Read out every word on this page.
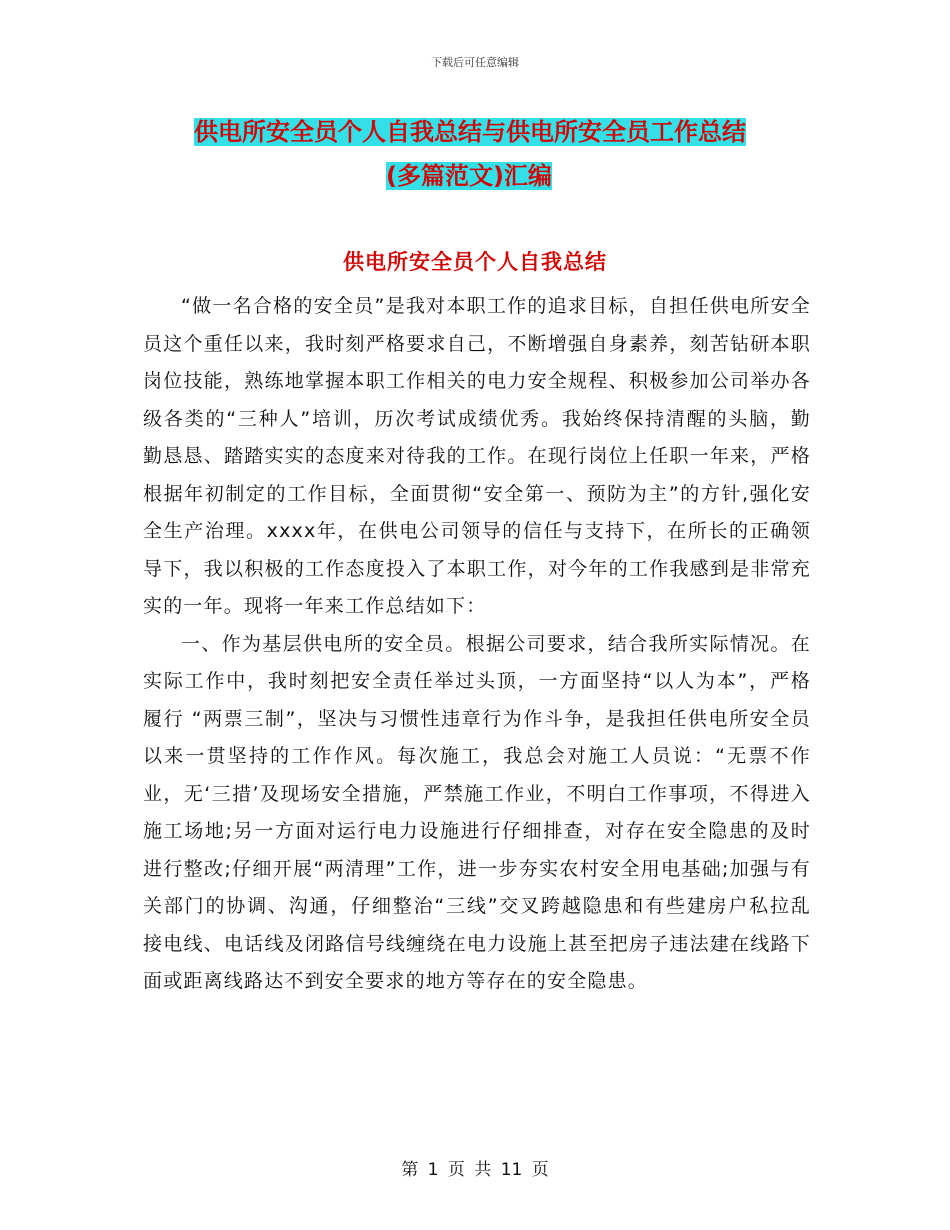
下载后可任意编辑
供电所安全员个人自我总结与供电所安全员工作总结
(多篇范文)汇编
供电所安全员个人自我总结

“做一名合格的安全员”是我对本职工作的追求目标，自担任供电所安全员这个重任以来，我时刻严格要求自己，不断增强自身素养，刻苦钻研本职岗位技能，熟练地掌握本职工作相关的电力安全规程、积极参加公司举办各级各类的“三种人”培训，历次考试成绩优秀。我始终保持清醒的头脑，勤勤恳恳、踏踏实实的态度来对待我的工作。在现行岗位上任职一年来，严格根据年初制定的工作目标，全面贯彻“安全第一、预防为主”的方针,强化安全生产治理。xxxx年，在供电公司领导的信任与支持下，在所长的正确领导下，我以积极的工作态度投入了本职工作，对今年的工作我感到是非常充实的一年。现将一年来工作总结如下：

一、作为基层供电所的安全员。根据公司要求，结合我所实际情况。在实际工作中，我时刻把安全责任举过头顶，一方面坚持“以人为本”，严格履行 “两票三制”，坚决与习惯性违章行为作斗争，是我担任供电所安全员以来一贯坚持的工作作风。每次施工，我总会对施工人员说：“无票不作业，无‘三措’及现场安全措施，严禁施工作业，不明白工作事项，不得进入施工场地;另一方面对运行电力设施进行仔细排查，对存在安全隐患的及时进行整改;仔细开展“两清理”工作，进一步夯实农村安全用电基础;加强与有关部门的协调、沟通，仔细整治“三线”交叉跨越隐患和有些建房户私拉乱接电线、电话线及闭路信号线缠绕在电力设施上甚至把房子违法建在线路下面或距离线路达不到安全要求的地方等存在的安全隐患。

第 1 页 共 11 页
